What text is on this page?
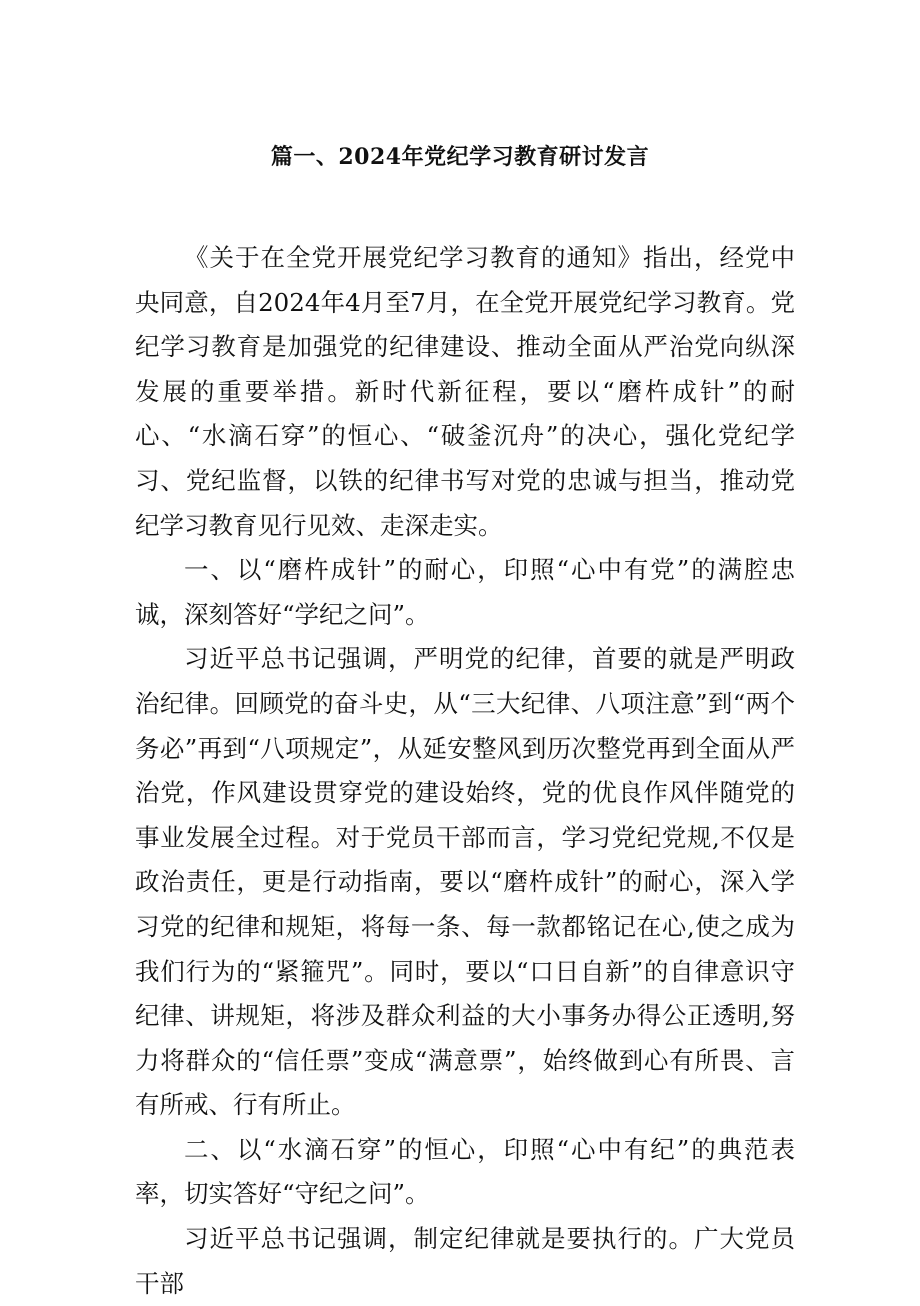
篇一、2024年党纪学习教育研讨发言

《关于在全党开展党纪学习教育的通知》指出，经党中央同意，自2024年4月至7月，在全党开展党纪学习教育。党纪学习教育是加强党的纪律建设、推动全面从严治党向纵深发展的重要举措。新时代新征程，要以“磨杵成针”的耐心、“水滴石穿”的恒心、“破釜沉舟”的决心，强化党纪学习、党纪监督，以铁的纪律书写对党的忠诚与担当，推动党纪学习教育见行见效、走深走实。

一、以“磨杵成针”的耐心，印照“心中有党”的满腔忠诚，深刻答好“学纪之问”。

习近平总书记强调，严明党的纪律，首要的就是严明政治纪律。回顾党的奋斗史，从“三大纪律、八项注意”到“两个务必”再到“八项规定”，从延安整风到历次整党再到全面从严治党，作风建设贯穿党的建设始终，党的优良作风伴随党的事业发展全过程。对于党员干部而言，学习党纪党规,不仅是政治责任，更是行动指南，要以“磨杵成针”的耐心，深入学习党的纪律和规矩，将每一条、每一款都铭记在心,使之成为我们行为的“紧箍咒”。同时，要以“口日自新”的自律意识守纪律、讲规矩，将涉及群众利益的大小事务办得公正透明,努力将群众的“信任票”变成“满意票”，始终做到心有所畏、言有所戒、行有所止。

二、以“水滴石穿”的恒心，印照“心中有纪”的典范表率，切实答好“守纪之问”。

习近平总书记强调，制定纪律就是要执行的。广大党员干部
